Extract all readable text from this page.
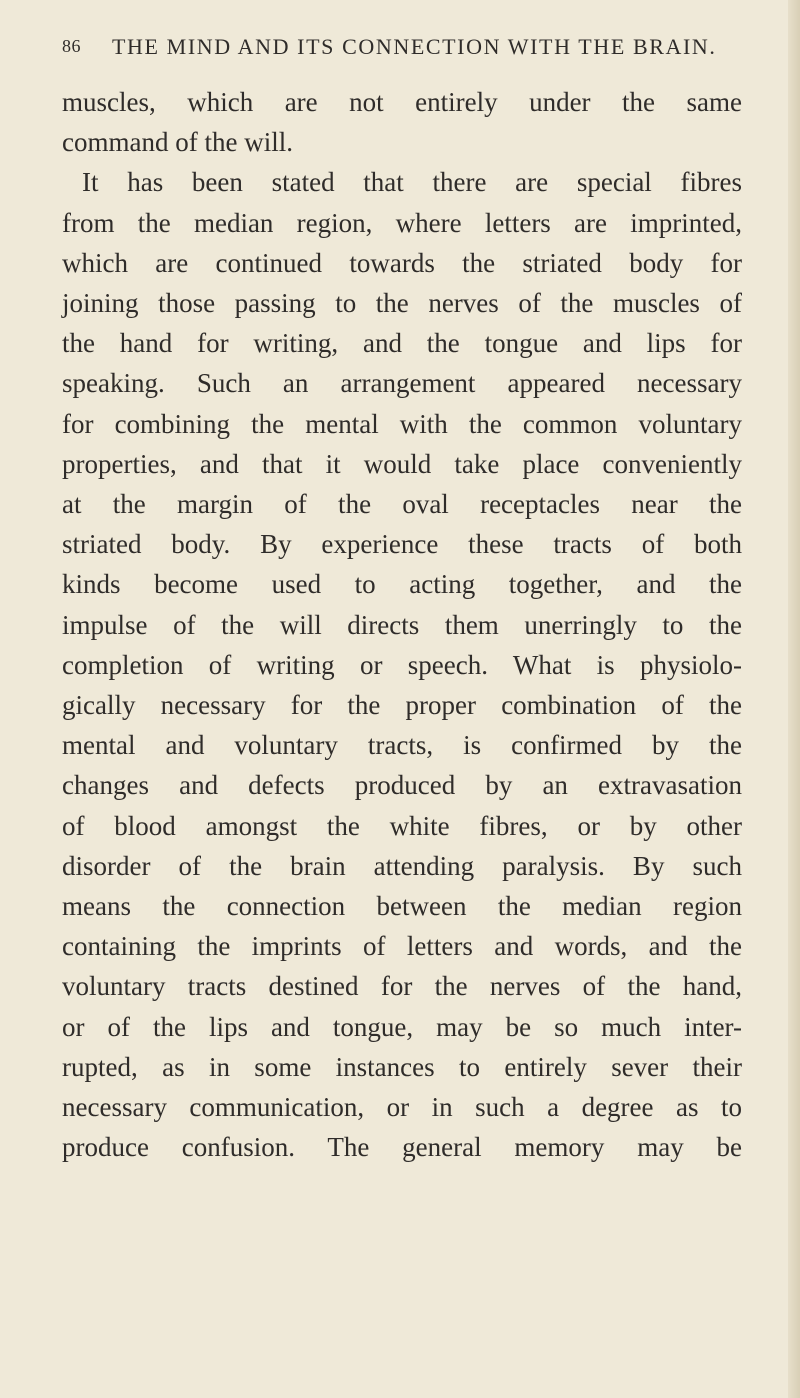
86 THE MIND AND ITS CONNECTION WITH THE BRAIN.
muscles, which are not entirely under the same
command of the will.
It has been stated that there are special fibres
from the median region, where letters are imprinted,
which are continued towards the striated body for
joining those passing to the nerves of the muscles of
the hand for writing, and the tongue and lips for
speaking. Such an arrangement appeared necessary
for combining the mental with the common voluntary
properties, and that it would take place conveniently
at the margin of the oval receptacles near the
striated body. By experience these tracts of both
kinds become used to acting together, and the
impulse of the will directs them unerringly to the
completion of writing or speech. What is physiolo-
gically necessary for the proper combination of the
mental and voluntary tracts, is confirmed by the
changes and defects produced by an extravasation
of blood amongst the white fibres, or by other
disorder of the brain attending paralysis. By such
means the connection between the median region
containing the imprints of letters and words, and the
voluntary tracts destined for the nerves of the hand,
or of the lips and tongue, may be so much inter-
rupted, as in some instances to entirely sever their
necessary communication, or in such a degree as to
produce confusion. The general memory may be
